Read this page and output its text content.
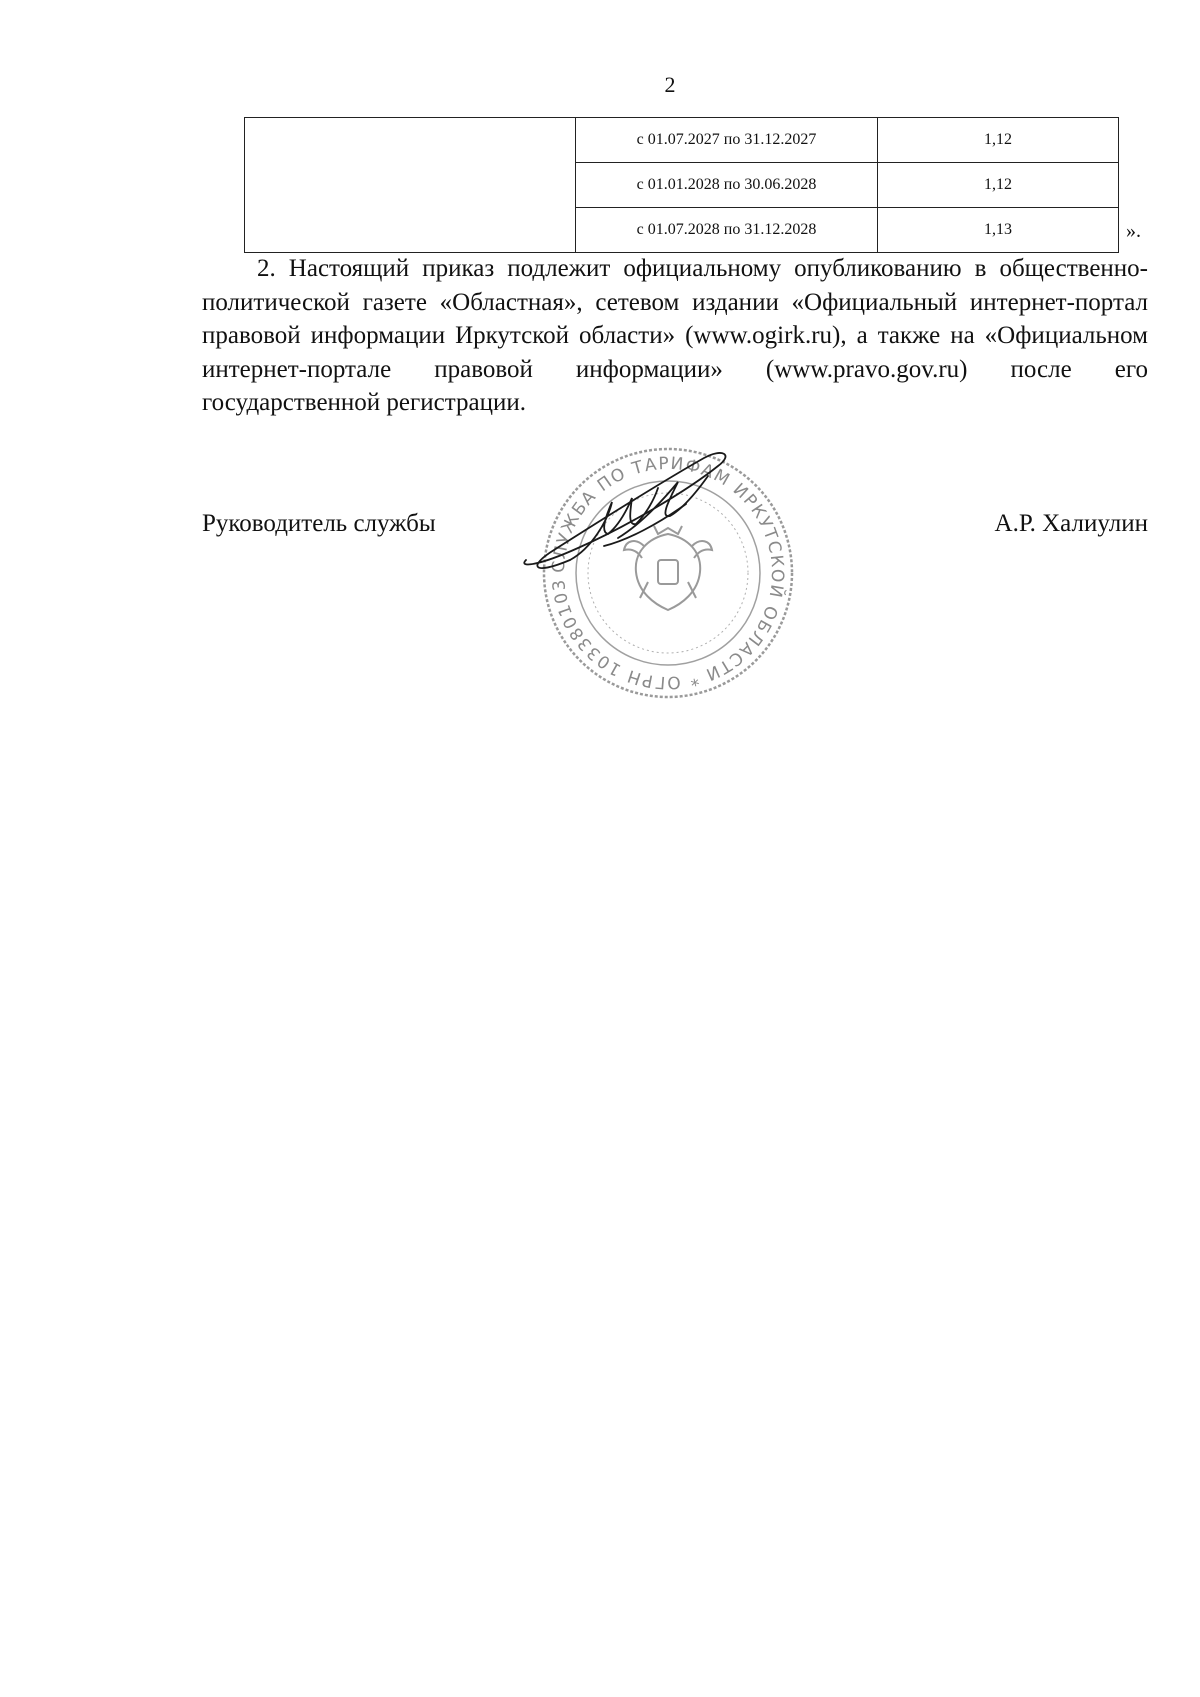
2
	с 01.07.2027 по 31.12.2027	1,12
	с 01.01.2028 по 30.06.2028	1,12
	с 01.07.2028 по 31.12.2028	1,13	».

2. Настоящий приказ подлежит официальному опубликованию в общественно-политической газете «Областная», сетевом издании «Официальный интернет-портал правовой информации Иркутской области» (www.ogirk.ru), а также на «Официальном интернет-портале правовой информации» (www.pravo.gov.ru) после его государственной регистрации.

Руководитель службы
СЛУЖБА ПО ТАРИФАМ ИРКУТСКОЙ ОБЛАСТИ * ОГРН 103380103
А.Р. Халиулин
